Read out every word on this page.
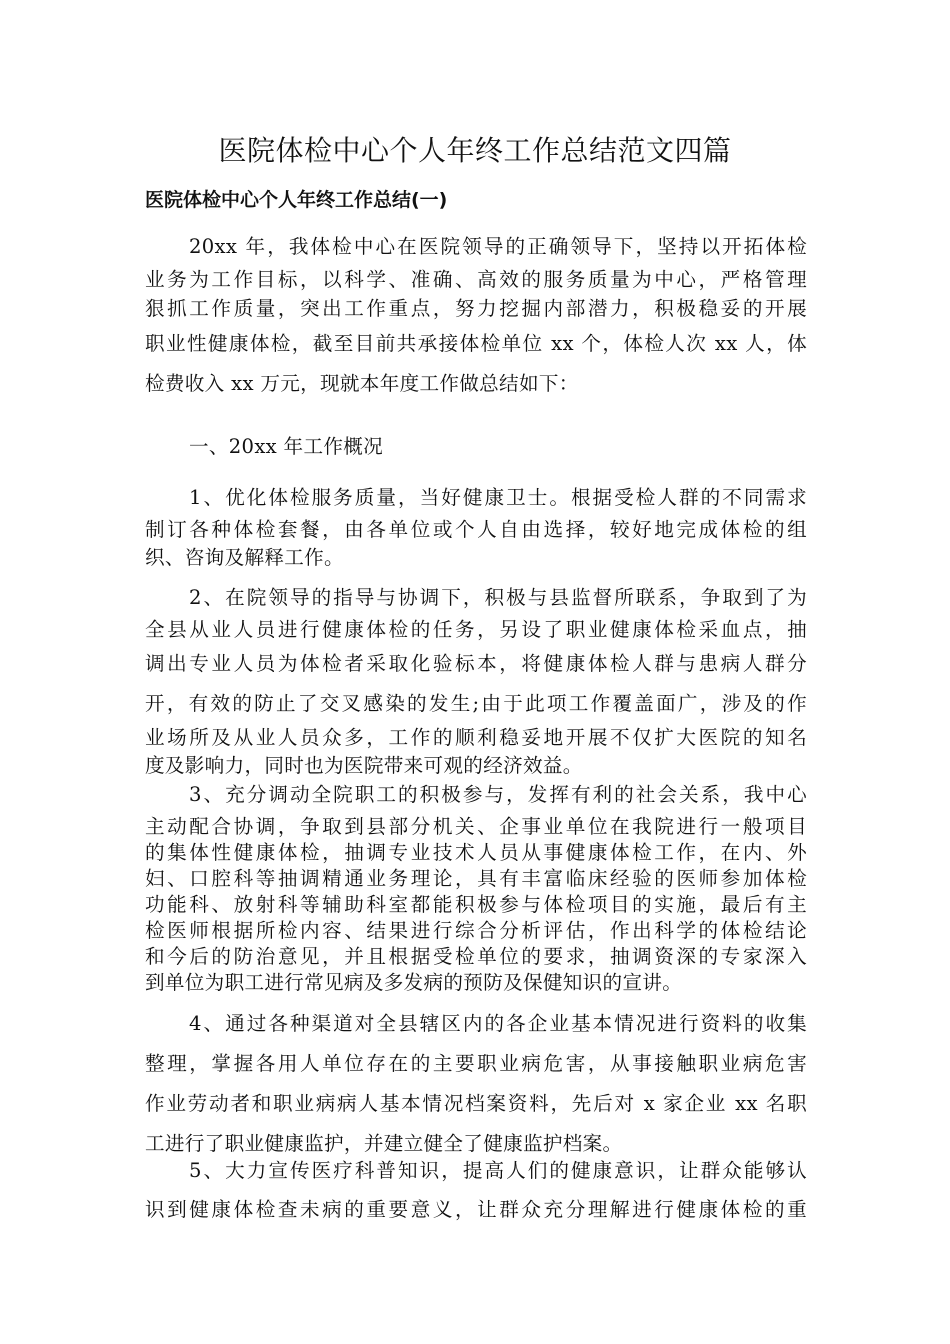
医院体检中心个人年终工作总结范文四篇
医院体检中心个人年终工作总结(一)
20xx 年，我体检中心在医院领导的正确领导下，坚持以开拓体检
业务为工作目标，以科学、准确、高效的服务质量为中心，严格管理
狠抓工作质量，突出工作重点，努力挖掘内部潜力，积极稳妥的开展
职业性健康体检，截至目前共承接体检单位 xx 个，体检人次 xx 人，体
检费收入 xx 万元，现就本年度工作做总结如下：
一、20xx 年工作概况
1、优化体检服务质量，当好健康卫士。根据受检人群的不同需求
制订各种体检套餐，由各单位或个人自由选择，较好地完成体检的组
织、咨询及解释工作。
2、在院领导的指导与协调下，积极与县监督所联系，争取到了为
全县从业人员进行健康体检的任务，另设了职业健康体检采血点，抽
调出专业人员为体检者采取化验标本，将健康体检人群与患病人群分
开，有效的防止了交叉感染的发生;由于此项工作覆盖面广，涉及的作
业场所及从业人员众多，工作的顺利稳妥地开展不仅扩大医院的知名
度及影响力，同时也为医院带来可观的经济效益。
3、充分调动全院职工的积极参与，发挥有利的社会关系，我中心
主动配合协调，争取到县部分机关、企事业单位在我院进行一般项目
的集体性健康体检，抽调专业技术人员从事健康体检工作，在内、外
妇、口腔科等抽调精通业务理论，具有丰富临床经验的医师参加体检
功能科、放射科等辅助科室都能积极参与体检项目的实施，最后有主
检医师根据所检内容、结果进行综合分析评估，作出科学的体检结论
和今后的防治意见，并且根据受检单位的要求，抽调资深的专家深入
到单位为职工进行常见病及多发病的预防及保健知识的宣讲。
4、通过各种渠道对全县辖区内的各企业基本情况进行资料的收集
整理，掌握各用人单位存在的主要职业病危害，从事接触职业病危害
作业劳动者和职业病病人基本情况档案资料，先后对 x 家企业 xx 名职
工进行了职业健康监护，并建立健全了健康监护档案。
5、大力宣传医疗科普知识，提高人们的健康意识，让群众能够认
识到健康体检查未病的重要意义，让群众充分理解进行健康体检的重
